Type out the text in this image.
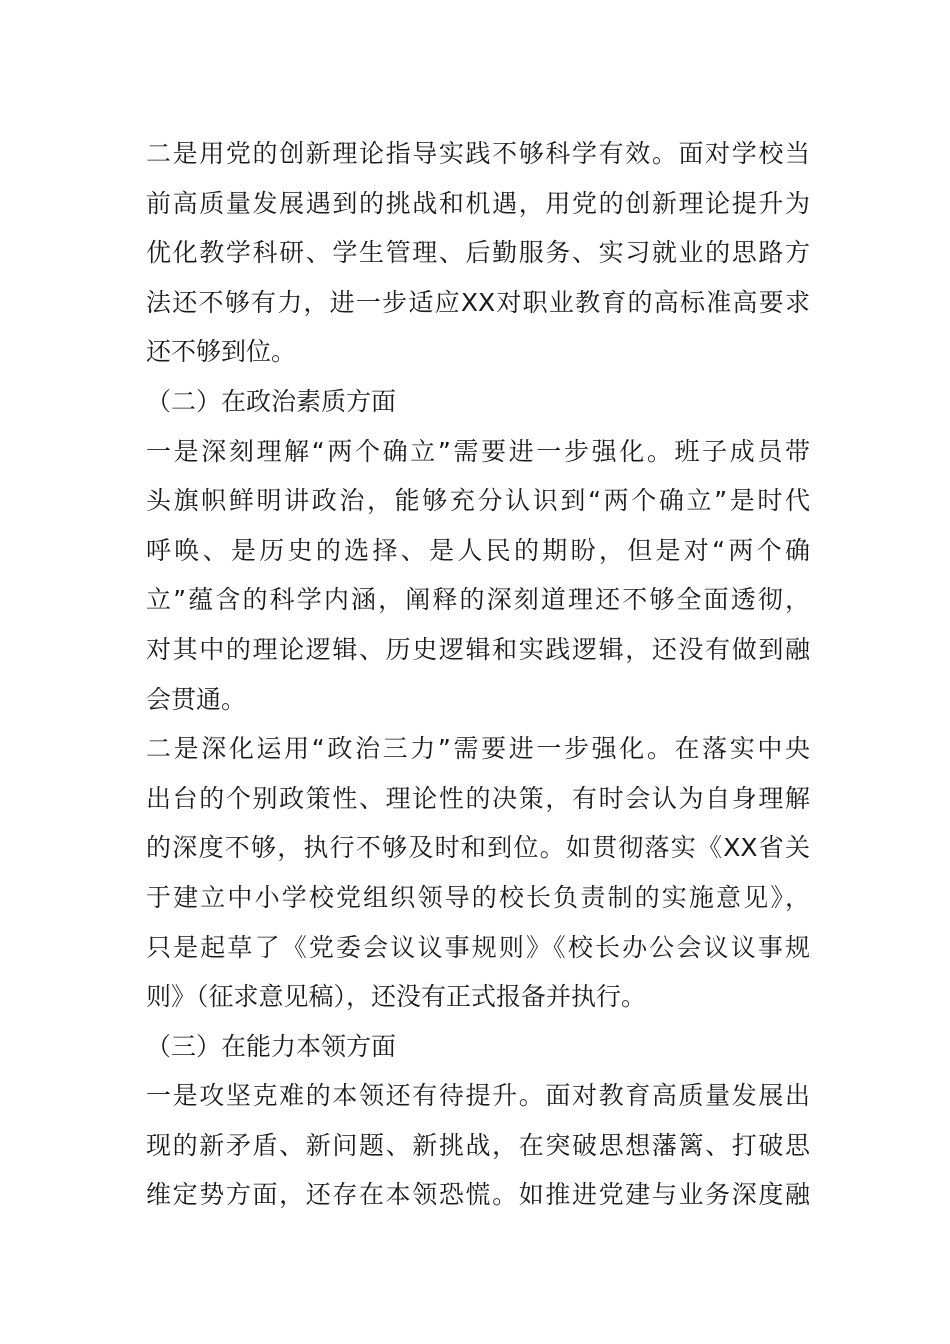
二是用党的创新理论指导实践不够科学有效。面对学校当
前高质量发展遇到的挑战和机遇，用党的创新理论提升为
优化教学科研、学生管理、后勤服务、实习就业的思路方
法还不够有力，进一步适应XX对职业教育的高标准高要求
还不够到位。
（二）在政治素质方面
一是深刻理解“两个确立”需要进一步强化。班子成员带
头旗帜鲜明讲政治，能够充分认识到“两个确立”是时代
呼唤、是历史的选择、是人民的期盼，但是对“两个确
立”蕴含的科学内涵，阐释的深刻道理还不够全面透彻，
对其中的理论逻辑、历史逻辑和实践逻辑，还没有做到融
会贯通。
二是深化运用“政治三力”需要进一步强化。在落实中央
出台的个别政策性、理论性的决策，有时会认为自身理解
的深度不够，执行不够及时和到位。如贯彻落实《XX省关
于建立中小学校党组织领导的校长负责制的实施意见》，
只是起草了《党委会议议事规则》《校长办公会议议事规
则》（征求意见稿），还没有正式报备并执行。
（三）在能力本领方面
一是攻坚克难的本领还有待提升。面对教育高质量发展出
现的新矛盾、新问题、新挑战，在突破思想藩篱、打破思
维定势方面，还存在本领恐慌。如推进党建与业务深度融
